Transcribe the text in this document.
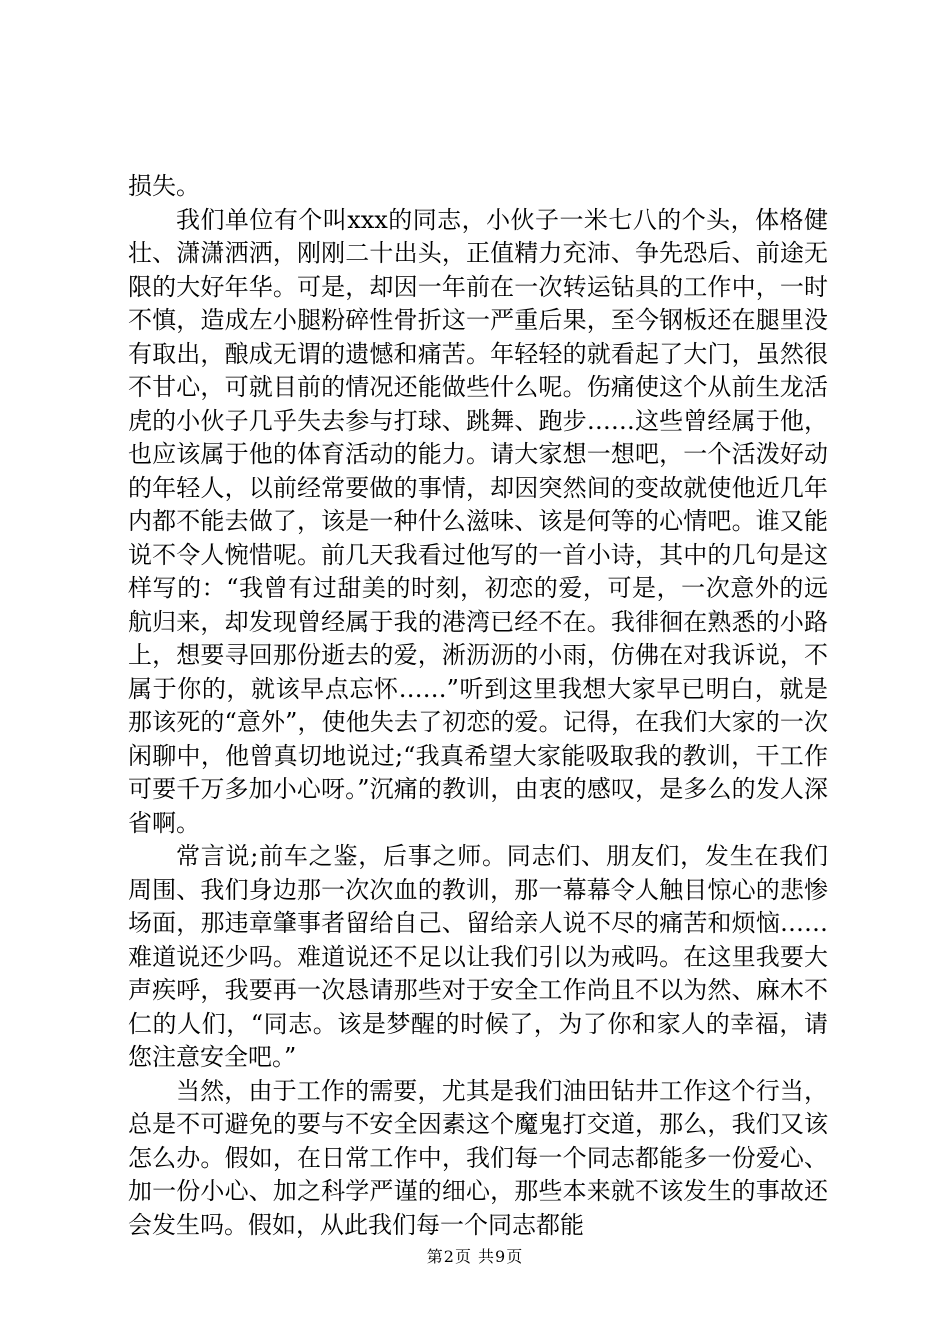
损失。

我们单位有个叫xxx的同志，小伙子一米七八的个头，体格健壮、潇潇洒洒，刚刚二十出头，正值精力充沛、争先恐后、前途无限的大好年华。可是，却因一年前在一次转运钻具的工作中，一时不慎，造成左小腿粉碎性骨折这一严重后果，至今钢板还在腿里没有取出，酿成无谓的遗憾和痛苦。年轻轻的就看起了大门，虽然很不甘心，可就目前的情况还能做些什么呢。伤痛使这个从前生龙活虎的小伙子几乎失去参与打球、跳舞、跑步……这些曾经属于他，也应该属于他的体育活动的能力。请大家想一想吧，一个活泼好动的年轻人，以前经常要做的事情，却因突然间的变故就使他近几年内都不能去做了，该是一种什么滋味、该是何等的心情吧。谁又能说不令人惋惜呢。前几天我看过他写的一首小诗，其中的几句是这样写的：“我曾有过甜美的时刻，初恋的爱，可是，一次意外的远航归来，却发现曾经属于我的港湾已经不在。我徘徊在熟悉的小路上，想要寻回那份逝去的爱，淅沥沥的小雨，仿佛在对我诉说，不属于你的，就该早点忘怀……”听到这里我想大家早已明白，就是那该死的“意外”，使他失去了初恋的爱。记得，在我们大家的一次闲聊中，他曾真切地说过;“我真希望大家能吸取我的教训，干工作可要千万多加小心呀。”沉痛的教训，由衷的感叹，是多么的发人深省啊。

常言说;前车之鉴，后事之师。同志们、朋友们，发生在我们周围、我们身边那一次次血的教训，那一幕幕令人触目惊心的悲惨场面，那违章肇事者留给自己、留给亲人说不尽的痛苦和烦恼……难道说还少吗。难道说还不足以让我们引以为戒吗。在这里我要大声疾呼，我要再一次恳请那些对于安全工作尚且不以为然、麻木不仁的人们，“同志。该是梦醒的时候了，为了你和家人的幸福，请您注意安全吧。”

当然，由于工作的需要，尤其是我们油田钻井工作这个行当，总是不可避免的要与不安全因素这个魔鬼打交道，那么，我们又该怎么办。假如，在日常工作中，我们每一个同志都能多一份爱心、加一份小心、加之科学严谨的细心，那些本来就不该发生的事故还会发生吗。假如，从此我们每一个同志都能

第2页 共9页
